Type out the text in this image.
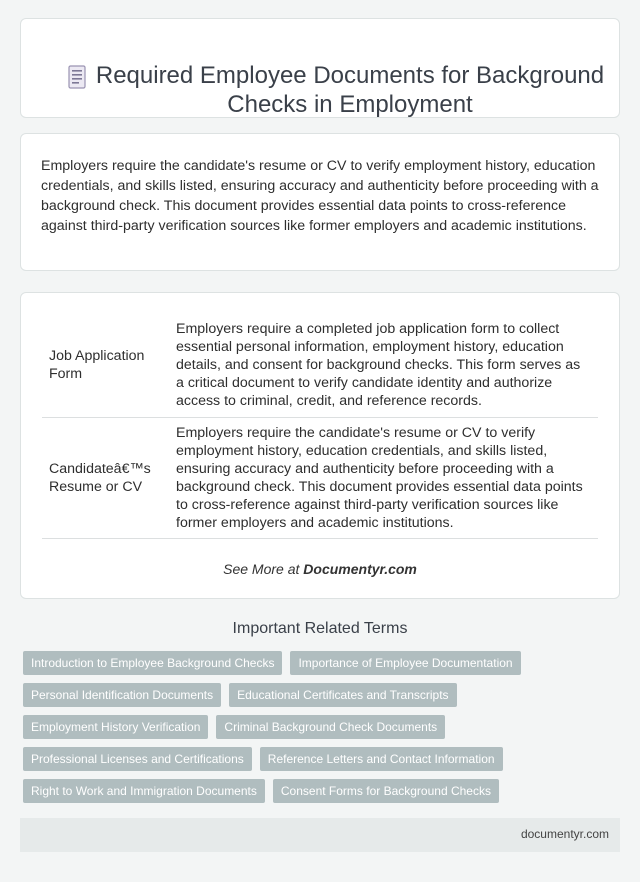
Required Employee Documents for Background Checks in Employment

Employers require the candidate's resume or CV to verify employment history, education credentials, and skills listed, ensuring accuracy and authenticity before proceeding with a background check. This document provides essential data points to cross-reference against third-party verification sources like former employers and academic institutions.

Job Application Form	Employers require a completed job application form to collect essential personal information, employment history, education details, and consent for background checks. This form serves as a critical document to verify candidate identity and authorize access to criminal, credit, and reference records.
Candidateâ€™s Resume or CV	Employers require the candidate's resume or CV to verify employment history, education credentials, and skills listed, ensuring accuracy and authenticity before proceeding with a background check. This document provides essential data points to cross-reference against third-party verification sources like former employers and academic institutions.
See More at Documentyr.com
Important Related Terms
Introduction to Employee Background Checks	Importance of Employee Documentation
Personal Identification Documents	Educational Certificates and Transcripts
Employment History Verification	Criminal Background Check Documents
Professional Licenses and Certifications	Reference Letters and Contact Information
Right to Work and Immigration Documents	Consent Forms for Background Checks
documentyr.com
